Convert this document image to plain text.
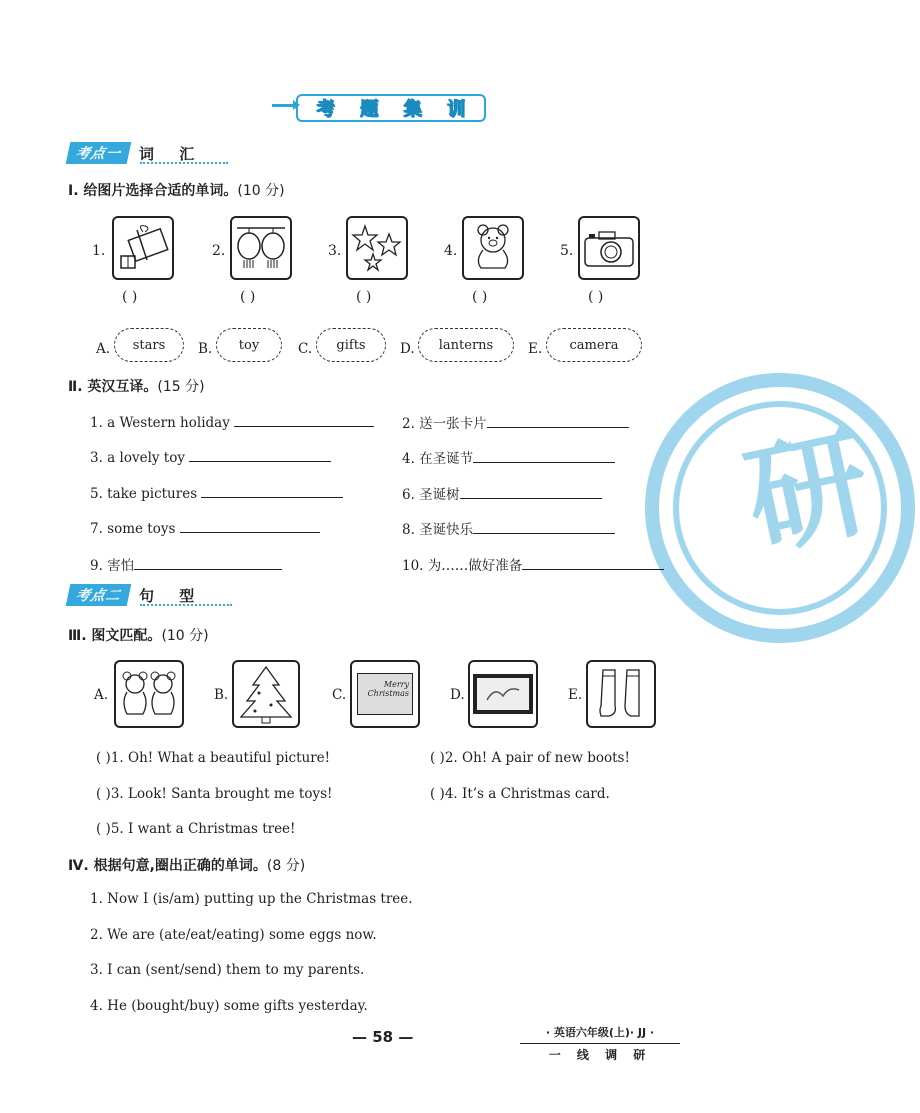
研
考 题 集 训
考点一	词 汇
Ⅰ. 给图片选择合适的单词。(10 分)
1.
( )
2.
( )
3.
( )
4.
( )
5.
( )
A. stars B. toy	C. gifts	D. lanterns	E. camera
Ⅱ. 英汉互译。(15 分)
1. a Western holiday	2. 送一张卡片
3. a lovely toy	4. 在圣诞节
5. take pictures	6. 圣诞树
7. some toys	8. 圣诞快乐
9. 害怕	10. 为……做好准备
考点二	句 型
Ⅲ. 图文匹配。(10 分)
A.	B.	C.
Merry Christmas	D.	E.
( )1. Oh! What a beautiful picture!	( )2. Oh! A pair of new boots!
( )3. Look! Santa brought me toys!	( )4. It’s a Christmas card.
( )5. I want a Christmas tree!
Ⅳ. 根据句意,圈出正确的单词。(8 分)
1. Now I (is/am) putting up the Christmas tree.
2. We are (ate/eat/eating) some eggs now.
3. I can (sent/send) them to my parents.
4. He (bought/buy) some gifts yesterday.
— 58 —	· 英语六年级(上)· JJ ·
一 线 调 研
